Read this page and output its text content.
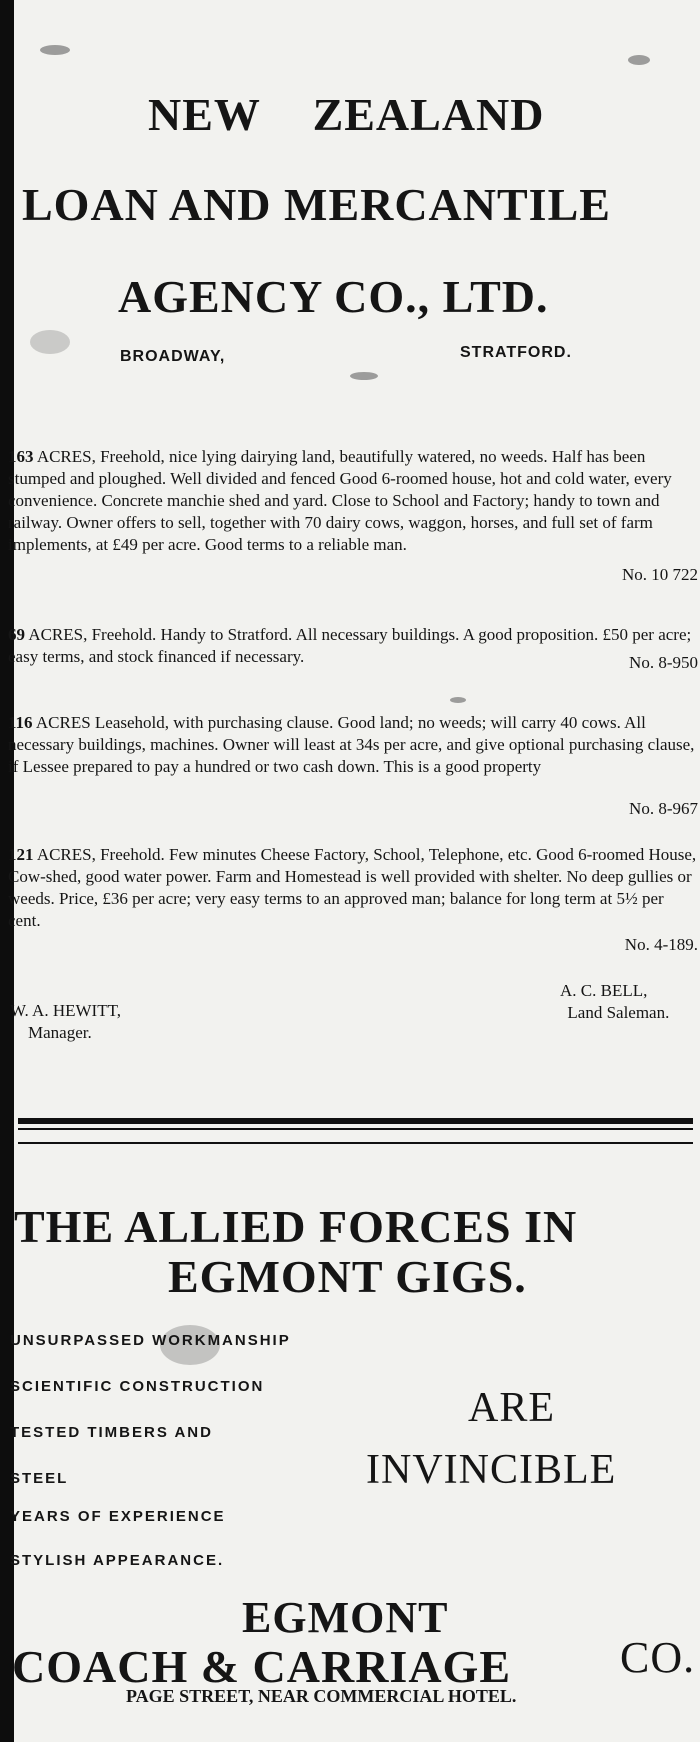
NEW ZEALAND
LOAN AND MERCANTILE
AGENCY CO., LTD.
BROADWAY,	STRATFORD.
163 ACRES, Freehold, nice lying dairying land, beautifully watered, no weeds. Half has been stumped and ploughed. Well divided and fenced Good 6-roomed house, hot and cold water, every convenience. Concrete manchie shed and yard. Close to School and Factory; handy to town and railway. Owner offers to sell, together with 70 dairy cows, waggon, horses, and full set of farm implements, at £49 per acre. Good terms to a reliable man.
No. 10 722
69 ACRES, Freehold. Handy to Stratford. All necessary buildings. A good proposition. £50 per acre; easy terms, and stock financed if necessary.	No. 8-950
116 ACRES Leasehold, with purchasing clause. Good land; no weeds; will carry 40 cows. All necessary buildings, machines. Owner will least at 34s per acre, and give optional purchasing clause, if Lessee prepared to pay a hundred or two cash down. This is a good property
No. 8-967
121 ACRES, Freehold. Few minutes Cheese Factory, School, Telephone, etc. Good 6-roomed House, Cow-shed, good water power. Farm and Homestead is well provided with shelter. No deep gullies or weeds. Price, £36 per acre; very easy terms to an approved man; balance for long term at 5½ per cent.
No. 4-189.
W. A. HEWITT,
Manager.
A. C. BELL,
Land Saleman.
THE ALLIED FORCES IN
EGMONT GIGS.
UNSURPASSED WORKMANSHIP
SCIENTIFIC CONSTRUCTION
TESTED TIMBERS AND
STEEL
YEARS OF EXPERIENCE
STYLISH APPEARANCE.
ARE
INVINCIBLE
EGMONT
COACH & CARRIAGE CO.
PAGE STREET, NEAR COMMERCIAL HOTEL.
